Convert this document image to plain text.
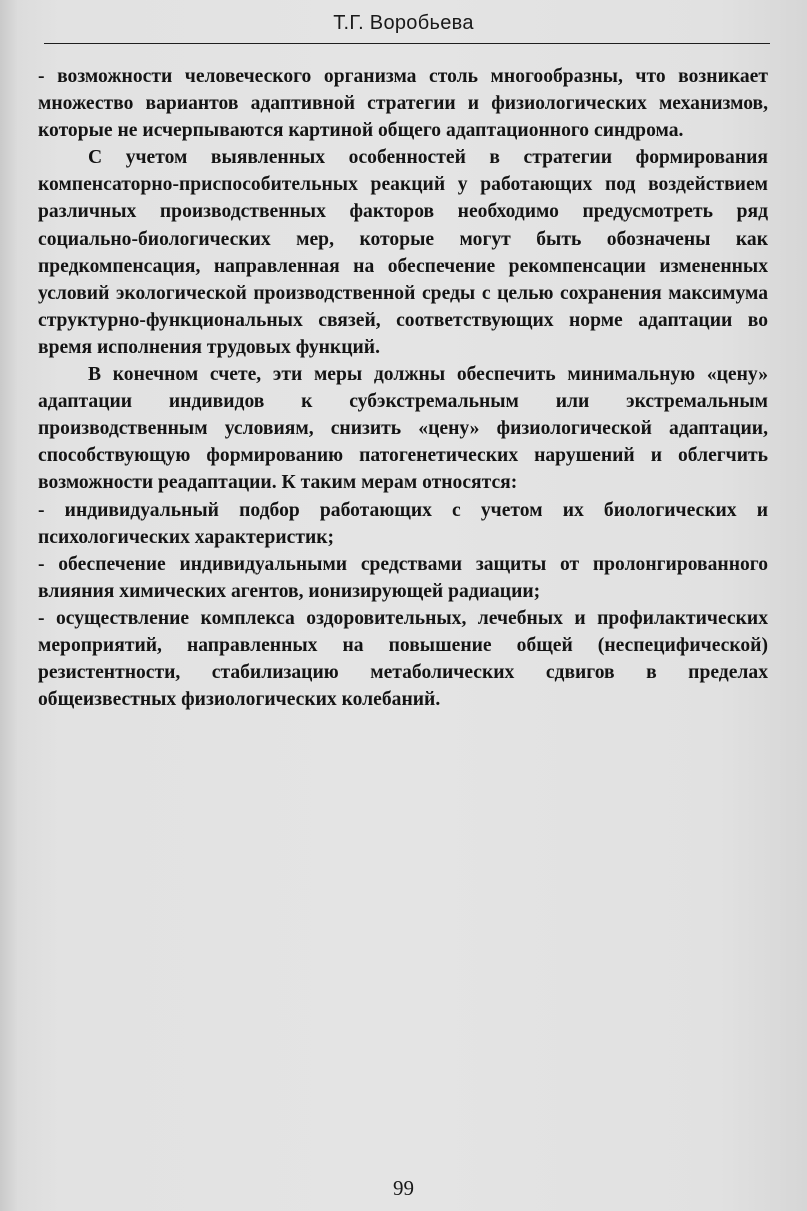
Т.Г. Воробьева

- возможности человеческого организма столь многообразны, что возникает множество вариантов адаптивной стратегии и физиологических механизмов, которые не исчерпываются картиной общего адаптационного синдрома.

С учетом выявленных особенностей в стратегии формирования компенсаторно-приспособительных реакций у работающих под воздействием различных производственных факторов необходимо предусмотреть ряд социально-биологических мер, которые могут быть обозначены как предкомпенсация, направленная на обеспечение рекомпенсации измененных условий экологической производственной среды с целью сохранения максимума структурно-функциональных связей, соответствующих норме адаптации во время исполнения трудовых функций.

В конечном счете, эти меры должны обеспечить минимальную «цену» адаптации индивидов к субэкстремальным или экстремальным производственным условиям, снизить «цену» физиологической адаптации, способствующую формированию патогенетических нарушений и облегчить возможности реадаптации. К таким мерам относятся:

- индивидуальный подбор работающих с учетом их биологических и психологических характеристик;

- обеспечение индивидуальными средствами защиты от пролонгированного влияния химических агентов, ионизирующей радиации;

- осуществление комплекса оздоровительных, лечебных и профилактических мероприятий, направленных на повышение общей (неспецифической) резистентности, стабилизацию метаболических сдвигов в пределах общеизвестных физиологических колебаний.

99
